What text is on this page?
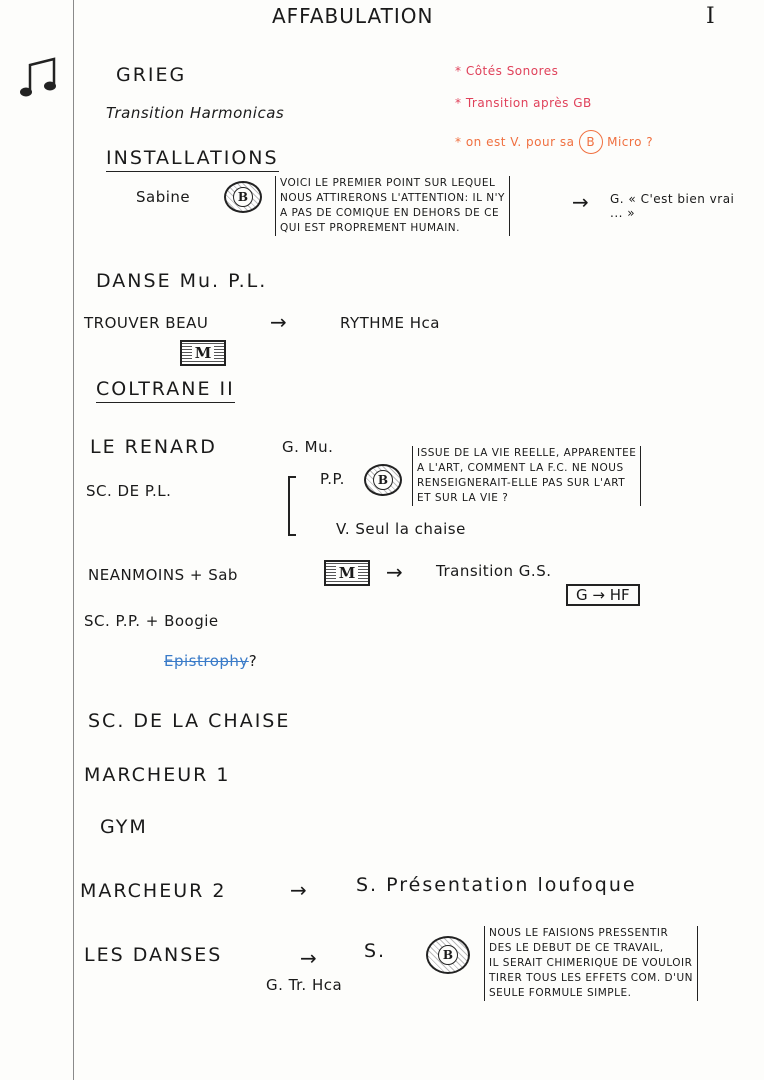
AFFABULATION	I
GRIEG
Transition Harmonicas
INSTALLATIONS
* Côtés Sonores
* Transition après GB
* on est V. pour sa B Micro ?
Sabine	B
VOICI LE PREMIER POINT SUR LEQUEL
NOUS ATTIRERONS L'ATTENTION: IL N'Y
A PAS DE COMIQUE EN DEHORS DE CE
QUI EST PROPREMENT HUMAIN.
→ G. « C'est bien vrai ... »
DANSE Mu. P.L.
TROUVER BEAU	→	RYTHME Hca
M
COLTRANE II
LE RENARD	G. Mu.
SC. DE P.L.
P.P.	B
V. Seul la chaise
ISSUE DE LA VIE REELLE, APPARENTEE
A L'ART, COMMENT LA F.C. NE NOUS
RENSEIGNERAIT-ELLE PAS SUR L'ART
ET SUR LA VIE ?
NEANMOINS + Sab	M → Transition G.S.
G → HF
SC. P.P. + Boogie
Epistrophy?
SC. DE LA CHAISE
MARCHEUR 1
GYM
MARCHEUR 2	→	S. Présentation loufoque
LES DANSES	→ S.	B
G. Tr. Hca
NOUS LE FAISIONS PRESSENTIR
DES LE DEBUT DE CE TRAVAIL,
IL SERAIT CHIMERIQUE DE VOULOIR
TIRER TOUS LES EFFETS COM. D'UN
SEULE FORMULE SIMPLE.
